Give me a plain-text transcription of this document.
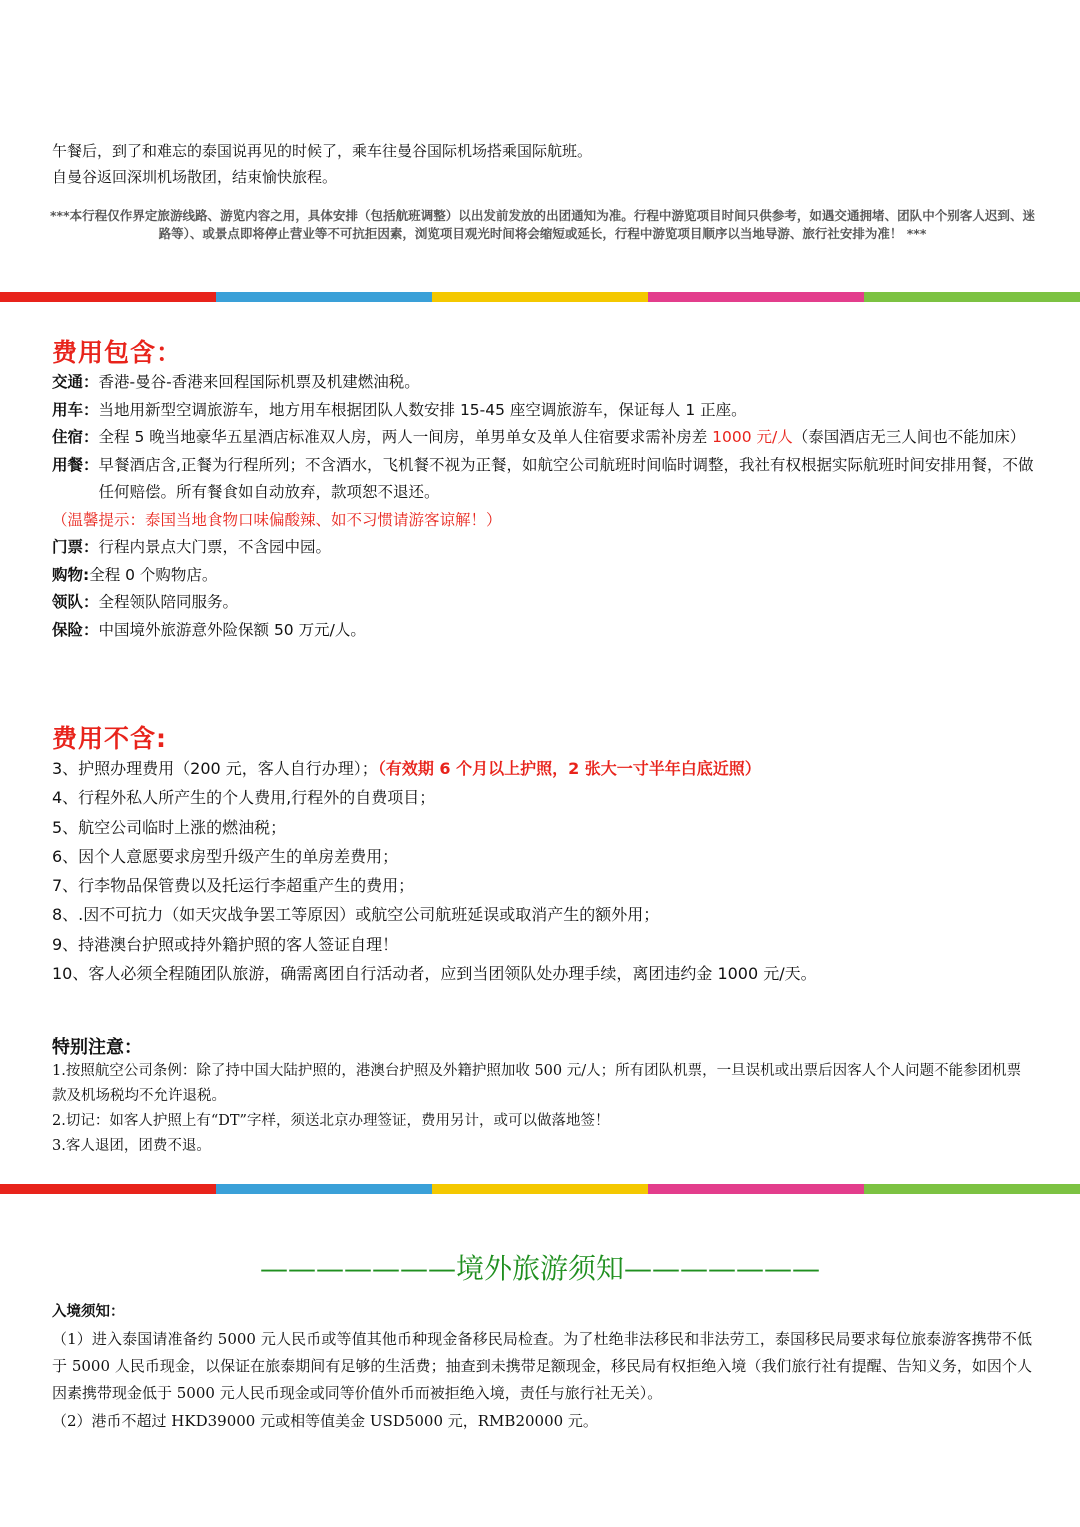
午餐后，到了和难忘的泰国说再见的时候了，乘车往曼谷国际机场搭乘国际航班。
自曼谷返回深圳机场散团，结束愉快旅程。
***本行程仅作界定旅游线路、游览内容之用，具体安排（包括航班调整）以出发前发放的出团通知为准。行程中游览项目时间只供参考，如遇交通拥堵、团队中个别客人迟到、迷路等）、或景点即将停止营业等不可抗拒因素，浏览项目观光时间将会缩短或延长，行程中游览项目顺序以当地导游、旅行社安排为准！ ***
费用包含：
交通： 香港-曼谷-香港来回程国际机票及机建燃油税。
用车： 当地用新型空调旅游车，地方用车根据团队人数安排 15-45 座空调旅游车，保证每人 1 正座。
住宿： 全程 5 晚当地豪华五星酒店标准双人房，两人一间房，单男单女及单人住宿要求需补房差 1000 元/人（泰国酒店无三人间也不能加床）
用餐： 早餐酒店含,正餐为行程所列；不含酒水，飞机餐不视为正餐，如航空公司航班时间临时调整，我社有权根据实际航班时间安排用餐，不做任何赔偿。所有餐食如自动放弃，款项恕不退还。
（温馨提示：泰国当地食物口味偏酸辣、如不习惯请游客谅解！）
门票： 行程内景点大门票，不含园中园。
购物: 全程 0 个购物店。
领队： 全程领队陪同服务。
保险： 中国境外旅游意外险保额 50 万元/人。
费用不含:
3、护照办理费用（200 元，客人自行办理）；（有效期 6 个月以上护照，2 张大一寸半年白底近照）
4、行程外私人所产生的个人费用,行程外的自费项目；
5、航空公司临时上涨的燃油税；
6、因个人意愿要求房型升级产生的单房差费用；
7、行李物品保管费以及托运行李超重产生的费用；
8、.因不可抗力（如天灾战争罢工等原因）或航空公司航班延误或取消产生的额外用；
9、持港澳台护照或持外籍护照的客人签证自理！
10、客人必须全程随团队旅游，确需离团自行活动者，应到当团领队处办理手续，离团违约金 1000 元/天。
特别注意：
1.按照航空公司条例：除了持中国大陆护照的，港澳台护照及外籍护照加收 500 元/人；所有团队机票，一旦误机或出票后因客人个人问题不能参团机票款及机场税均不允许退税。
2.切记：如客人护照上有“DT”字样，须送北京办理签证，费用另计，或可以做落地签！
3.客人退团，团费不退。
———————境外旅游须知———————
入境须知：
（1）进入泰国请准备约 5000 元人民币或等值其他币种现金备移民局检查。为了杜绝非法移民和非法劳工，泰国移民局要求每位旅泰游客携带不低于 5000 人民币现金，以保证在旅泰期间有足够的生活费；抽查到未携带足额现金，移民局有权拒绝入境（我们旅行社有提醒、告知义务，如因个人因素携带现金低于 5000 元人民币现金或同等价值外币而被拒绝入境，责任与旅行社无关）。
（2）港币不超过 HKD39000 元或相等值美金 USD5000 元，RMB20000 元。
